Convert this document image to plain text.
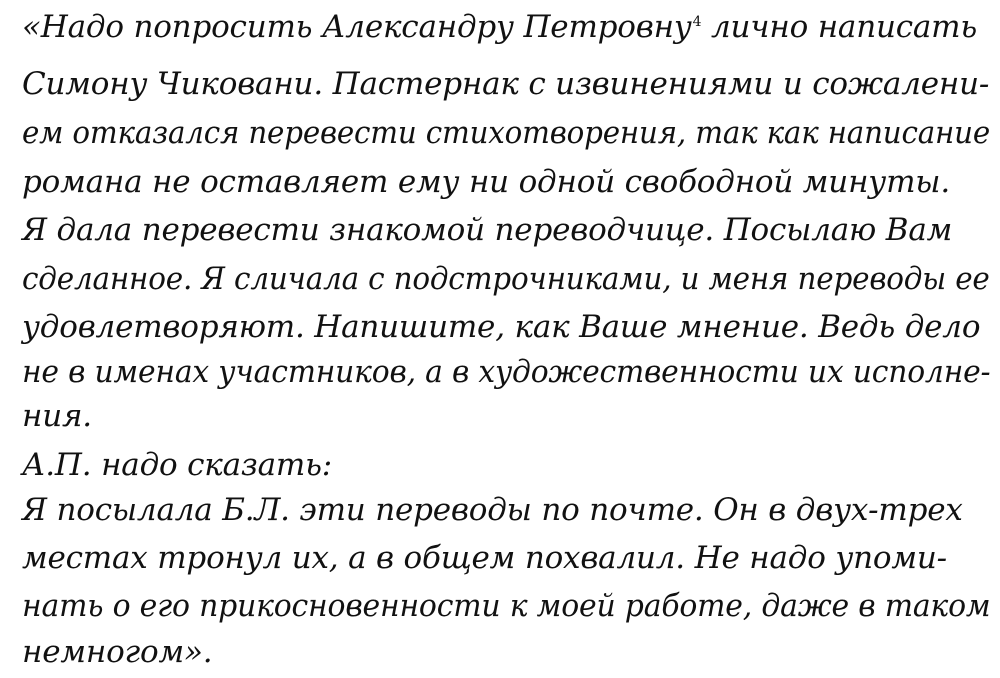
«Надо попросить Александру Петровну$^4$ лично написать
Симону Чиковани. Пастернак с извинениями и сожалени-
ем отказался перевести стихотворения, так как написание
романа не оставляет ему ни одной свободной минуты.
Я дала перевести знакомой переводчице. Посылаю Вам
сделанное. Я сличала с подстрочниками, и меня переводы ее
удовлетворяют. Напишите, как Ваше мнение. Ведь дело
не в именах участников, а в художественности их исполне-
ния.
А.П. надо сказать:
Я посылала Б.Л. эти переводы по почте. Он в двух-трех
местах тронул их, а в общем похвалил. Не надо упоми-
нать о его прикосновенности к моей работе, даже в таком
немногом».
